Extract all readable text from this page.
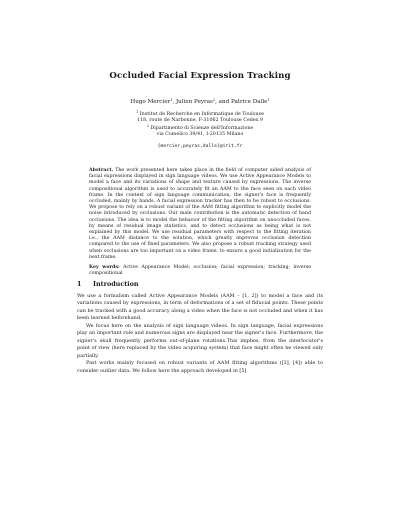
Occluded Facial Expression Tracking
Hugo Mercier$^1$, Julien Peyras$^2$, and Patrice Dalle$^1$
$^1$ Institut de Recherche en Informatique de Toulouse
118, route de Narbonne, F-31062 Toulouse Cedex 9
$^2$ Dipartimento di Scienze dell'Informazione
via Comelico 39/41, I-20135 Milano
{mercier,peyras,dalle}@irit.fr

Abstract. The work presented here takes place in the field of computer aided analysis of facial expressions displayed in sign language videos. We use Active Appearance Models to model a face and its variations of shape and texture caused by expressions. The inverse compositional algorithm is used to accurately fit an AAM to the face seen on each video frame. In the context of sign language communication, the signer's face is frequently occluded, mainly by hands. A facial expression tracker has then to be robust to occlusions. We propose to rely on a robust variant of the AAM fitting algorithm to explicitly model the noise introduced by occlusions. Our main contribution is the automatic detection of hand occlusions. The idea is to model the behavior of the fitting algorithm on unoccluded faces, by means of residual image statistics, and to detect occlusions as being what is not explained by this model. We use residual parameters with respect to the fitting iteration i.e., the AAM distance to the solution, which greatly improves occlusion detection compared to the use of fixed parameters. We also propose a robust tracking strategy used when occlusions are too important on a video frame, to ensure a good initialization for the next frame.

Key words: Active Appearance Model; occlusion; facial expression; tracking; inverse compositional

1 Introduction

We use a formalism called Active Appearance Models (AAM – [1, 2]) to model a face and its variations caused by expressions, in term of deformations of a set of fiducial points. These points can be tracked with a good accuracy along a video when the face is not occluded and when it has been learned beforehand.

We focus here on the analysis of sign language videos. In sign language, facial expressions play an important role and numerous signs are displayed near the signer's face. Furthermore, the signer's skull frequently performs out-of-plane rotations.This implies, from the interlocutor's point of view (here replaced by the video acquiring system) that face might often be viewed only partially.

Past works mainly focused on robust variants of AAM fitting algorithms ([3], [4]) able to consider outlier data. We follow here the approach developed in [5]
